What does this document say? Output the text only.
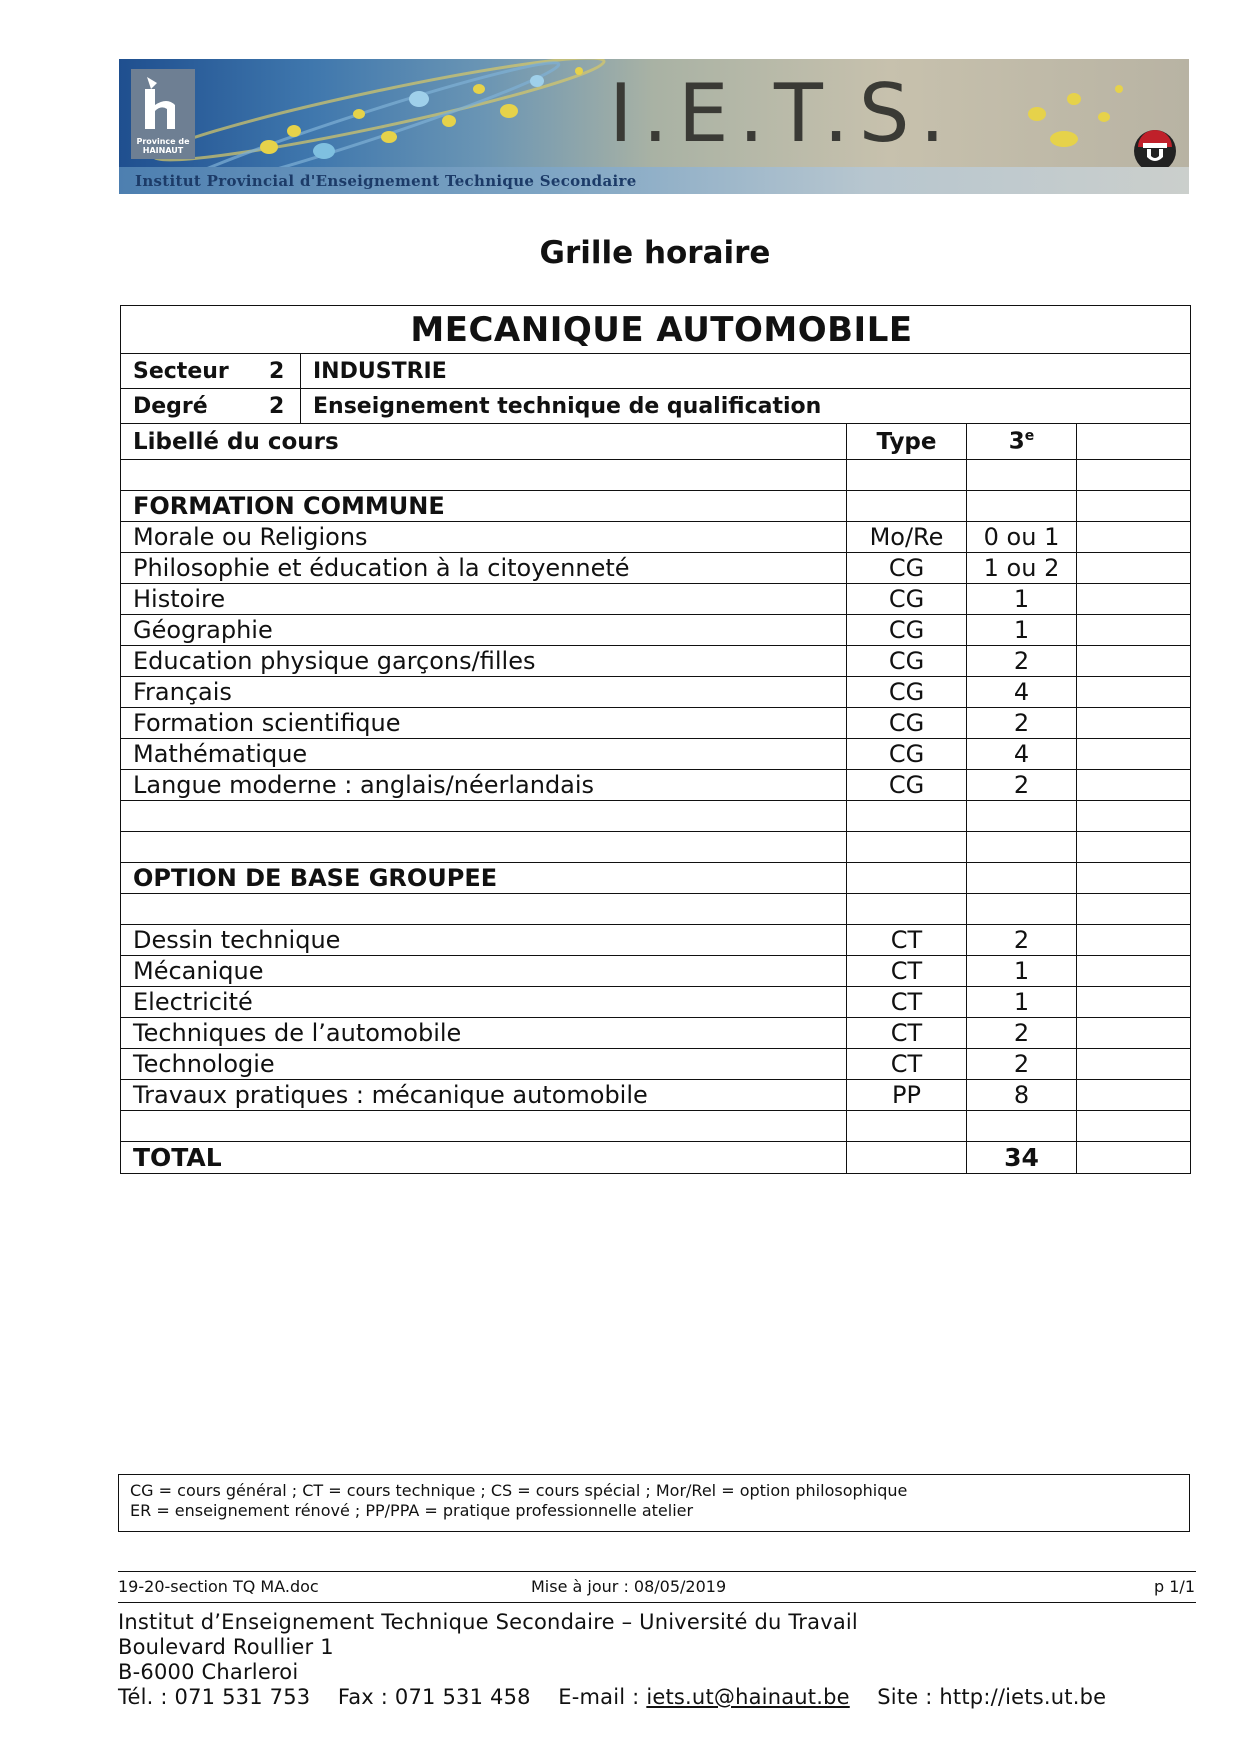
Province de HAINAUT	I.E.T.S.
Institut Provincial d'Enseignement Technique Secondaire
Grille horaire
MECANIQUE AUTOMOBILE				
Secteur 2	INDUSTRIE			
Degré 2	Enseignement technique de qualification			
Libellé du cours		Type	3e	

FORMATION COMMUNE				
Morale ou Religions		Mo/Re	0 ou 1	
Philosophie et éducation à la citoyenneté		CG	1 ou 2	
Histoire		CG	1	
Géographie		CG	1	
Education physique garçons/filles		CG	2	
Français		CG	4	
Formation scientifique		CG	2	
Mathématique		CG	4	
Langue moderne : anglais/néerlandais		CG	2	

OPTION DE BASE GROUPEE				

Dessin technique		CT	2	
Mécanique		CT	1	
Electricité		CT	1	
Techniques de l’automobile		CT	2	
Technologie		CT	2	
Travaux pratiques : mécanique automobile		PP	8	

TOTAL			34	
CG = cours général ; CT = cours technique ; CS = cours spécial ; Mor/Rel = option philosophique
ER = enseignement rénové ; PP/PPA = pratique professionnelle atelier
19-20-section TQ MA.doc	Mise à jour : 08/05/2019	p 1/1
Institut d’Enseignement Technique Secondaire – Université du Travail
Boulevard Roullier 1
B-6000 Charleroi
Tél. : 071 531 753 Fax : 071 531 458 E-mail : iets.ut@hainaut.be Site : http://iets.ut.be
